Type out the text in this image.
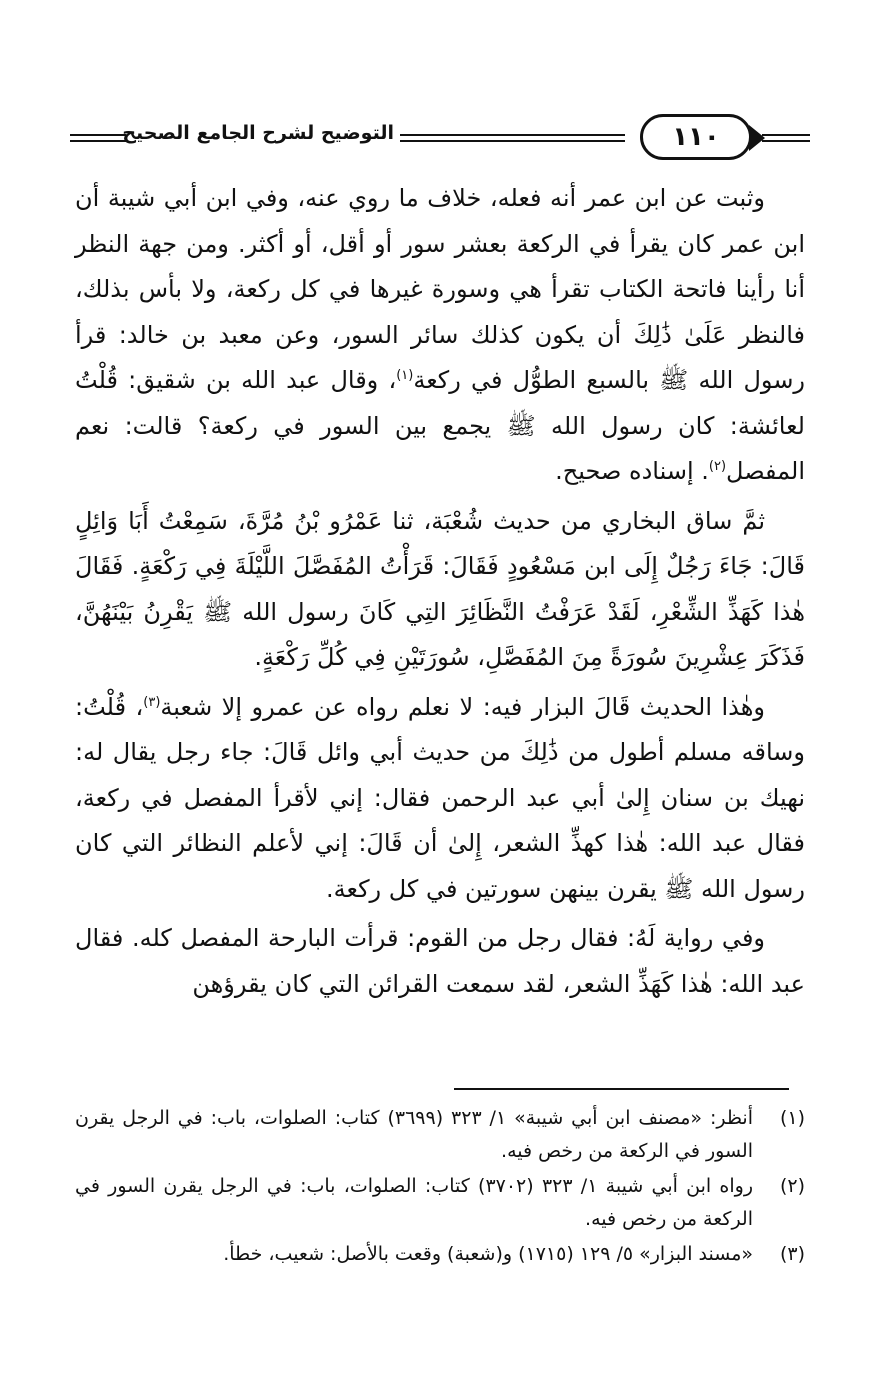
التوضيح لشرح الجامع الصحيح	١١٠

وثبت عن ابن عمر أنه فعله، خلاف ما روي عنه، وفي ابن أبي شيبة أن ابن عمر كان يقرأ في الركعة بعشر سور أو أقل، أو أكثر. ومن جهة النظر أنا رأينا فاتحة الكتاب تقرأ هي وسورة غيرها في كل ركعة، ولا بأس بذلك، فالنظر عَلَىٰ ذَٰلِكَ أن يكون كذلك سائر السور، وعن معبد بن خالد: قرأ رسول الله ﷺ بالسبع الطوُّل في ركعة$^{(١)}$، وقال عبد الله بن شقيق: قُلْتُ لعائشة: كان رسول الله ﷺ يجمع بين السور في ركعة؟ قالت: نعم المفصل$^{(٢)}$. إسناده صحيح.

ثمَّ ساق البخاري من حديث شُعْبَة، ثنا عَمْرُو بْنُ مُرَّةَ، سَمِعْتُ أَبَا وَائِلٍ قَالَ: جَاءَ رَجُلٌ إِلَى ابن مَسْعُودٍ فَقَالَ: قَرَأْتُ المُفَصَّلَ اللَّيْلَةَ فِي رَكْعَةٍ. فَقَالَ هٰذا كَهَذِّ الشِّعْرِ، لَقَدْ عَرَفْتُ النَّظَائِرَ التِي كَانَ رسول الله ﷺ يَقْرِنُ بَيْنَهُنَّ، فَذَكَرَ عِشْرِينَ سُورَةً مِنَ المُفَصَّلِ، سُورَتَيْنِ فِي كُلِّ رَكْعَةٍ.

وهٰذا الحديث قَالَ البزار فيه: لا نعلم رواه عن عمرو إلا شعبة$^{(٣)}$، قُلْتُ: وساقه مسلم أطول من ذَٰلِكَ من حديث أبي وائل قَالَ: جاء رجل يقال له: نهيك بن سنان إِلىٰ أبي عبد الرحمن فقال: إني لأقرأ المفصل في ركعة، فقال عبد الله: هٰذا كهذِّ الشعر، إِلىٰ أن قَالَ: إني لأعلم النظائر التي كان رسول الله ﷺ يقرن بينهن سورتين في كل ركعة.

وفي رواية لَهُ: فقال رجل من القوم: قرأت البارحة المفصل كله. فقال عبد الله: هٰذا كَهَذِّ الشعر، لقد سمعت القرائن التي كان يقرؤهن

(١)
أنظر: «مصنف ابن أبي شيبة» ١/ ٣٢٣ (٣٦٩٩) كتاب: الصلوات، باب: في الرجل يقرن السور في الركعة من رخص فيه.
(٢)
رواه ابن أبي شيبة ١/ ٣٢٣ (٣٧٠٢) كتاب: الصلوات، باب: في الرجل يقرن السور في الركعة من رخص فيه.
(٣)
«مسند البزار» ٥/ ١٢٩ (١٧١٥) و(شعبة) وقعت بالأصل: شعيب، خطأ.
